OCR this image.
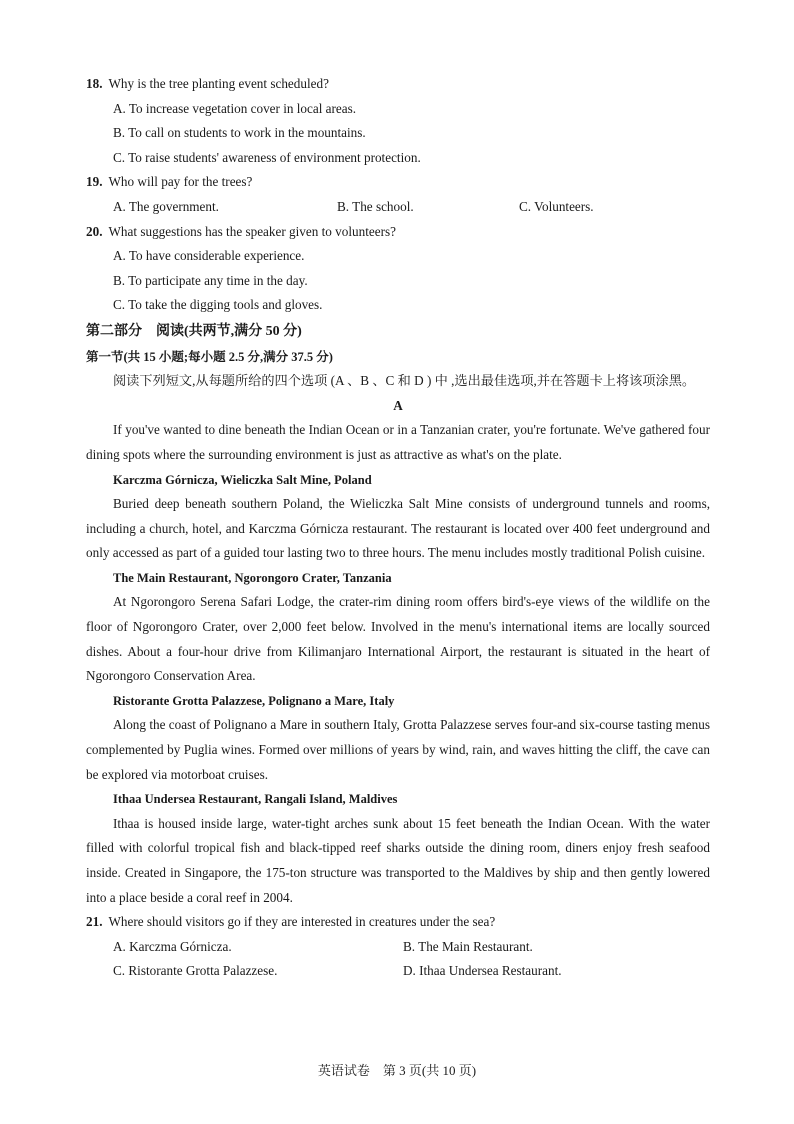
18. Why is the tree planting event scheduled?
A. To increase vegetation cover in local areas.
B. To call on students to work in the mountains.
C. To raise students' awareness of environment protection.
19. Who will pay for the trees?
A. The government.	B. The school.	C. Volunteers.
20. What suggestions has the speaker given to volunteers?
A. To have considerable experience.
B. To participate any time in the day.
C. To take the digging tools and gloves.
第二部分　阅读(共两节,满分 50 分)
第一节(共 15 小题;每小题 2.5 分,满分 37.5 分)
阅读下列短文,从每题所给的四个选项 (A 、B 、C 和 D ) 中 ,选出最佳选项,并在答题卡上将该项涂黑。
A
If you've wanted to dine beneath the Indian Ocean or in a Tanzanian crater, you're fortunate. We've gathered four dining spots where the surrounding environment is just as attractive as what's on the plate.
Karczma Górnicza, Wieliczka Salt Mine, Poland
Buried deep beneath southern Poland, the Wieliczka Salt Mine consists of underground tunnels and rooms, including a church, hotel, and Karczma Górnicza restaurant. The restaurant is located over 400 feet underground and only accessed as part of a guided tour lasting two to three hours. The menu includes mostly traditional Polish cuisine.
The Main Restaurant, Ngorongoro Crater, Tanzania
At Ngorongoro Serena Safari Lodge, the crater-rim dining room offers bird's-eye views of the wildlife on the floor of Ngorongoro Crater, over 2,000 feet below. Involved in the menu's international items are locally sourced dishes. About a four-hour drive from Kilimanjaro International Airport, the restaurant is situated in the heart of Ngorongoro Conservation Area.
Ristorante Grotta Palazzese, Polignano a Mare, Italy
Along the coast of Polignano a Mare in southern Italy, Grotta Palazzese serves four-and six-course tasting menus complemented by Puglia wines. Formed over millions of years by wind, rain, and waves hitting the cliff, the cave can be explored via motorboat cruises.
Ithaa Undersea Restaurant, Rangali Island, Maldives
Ithaa is housed inside large, water-tight arches sunk about 15 feet beneath the Indian Ocean. With the water filled with colorful tropical fish and black-tipped reef sharks outside the dining room, diners enjoy fresh seafood inside. Created in Singapore, the 175-ton structure was transported to the Maldives by ship and then gently lowered into a place beside a coral reef in 2004.
21. Where should visitors go if they are interested in creatures under the sea?
A. Karczma Górnicza.	B. The Main Restaurant.
C. Ristorante Grotta Palazzese.	D. Ithaa Undersea Restaurant.
英语试卷　第 3 页(共 10 页)
